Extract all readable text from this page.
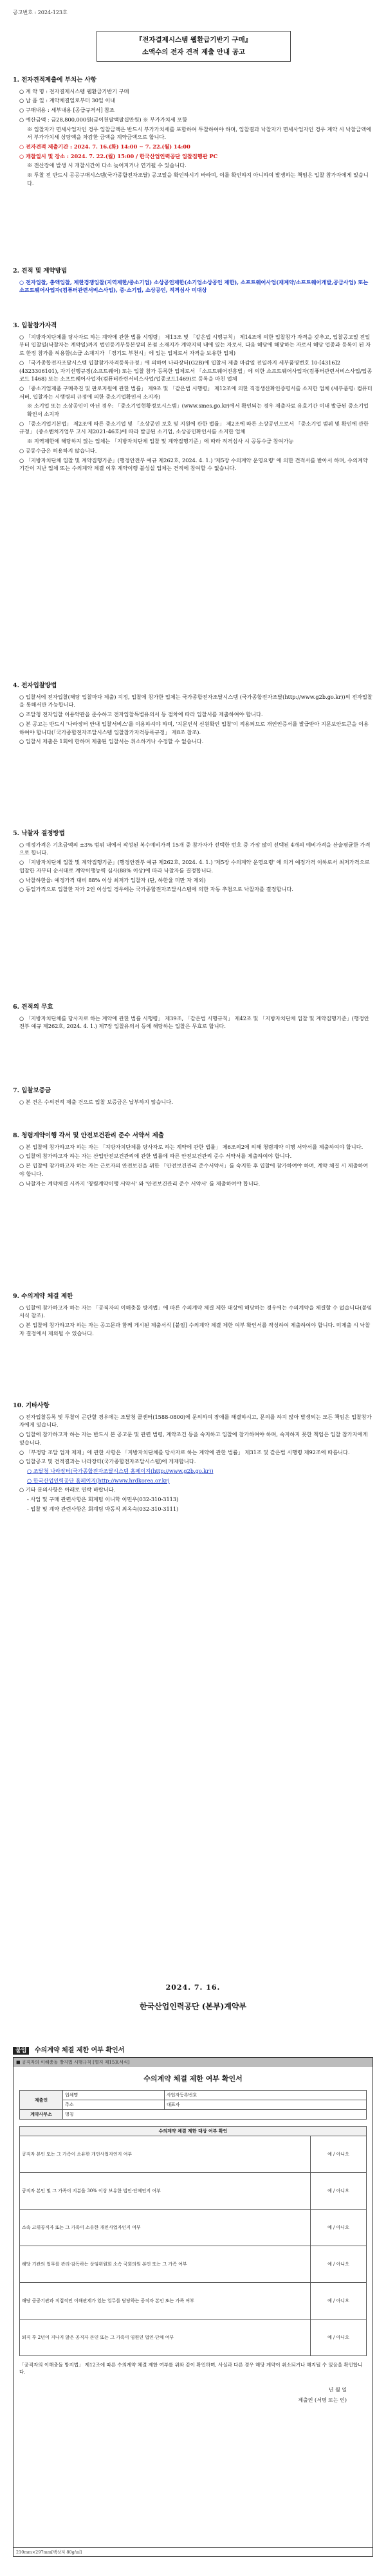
공고번호 : 2024-123호
『전자결제시스템 웹환급기반기 구매』
소액수의 전자 견적 제출 안내 공고
1. 전자견적제출에 부치는 사항

○ 계 약 명 : 전자결제시스템 웹환급기반기 구매

○ 납 품 일 : 계약체결일로부터 30일 이내

○ 구매내용 : 세부내용 [공급규격서] 참조

○ 예산금액 : 금28,800,000원(금이천팔백팔십만원) ※ 부가가치세 포함

※ 입찰자가 면세사업자인 경우 입찰금액은 반드시 부가가치세를 포함하여 투찰하여야 하며, 입찰결과 낙찰자가 면세사업자인 경우 계약 시 낙찰금액에서 부가가치세 상당액을 차감한 금액을 계약금액으로 합니다.

○ 전자견적 제출기간 : 2024. 7. 16.(화) 14:00 ~ 7. 22.(월) 14:00

○ 개찰일시 및 장소 : 2024. 7. 22.(월) 15:00 / 한국산업인력공단 입찰집행관 PC

※ 전산장애 발생 시 개찰시간이 다소 늦어지거나 연기될 수 있습니다.

※ 투찰 전 반드시 공공구매시스템(국가종합전자조달) 공고일을 확인하시기 바라며, 이를 확인하지 아니하여 발생하는 책임은 입찰 참가자에게 있습니다.

2. 견적 및 계약방법

○ 전자입찰, 총액입찰, 제한경쟁입찰(지역제한/중소기업) 소상공인제한(소기업소상공인 제한), 소프트웨어사업(재계약/소프트웨어개발,공급사업) 또는 소프트웨어사업자(컴퓨터관련서비스사업), 중·소기업, 소상공인, 적격심사 미대상

3. 입찰참가자격

○ 「지방자치단체를 당사자로 하는 계약에 관한 법률 시행령」 제13조 및 「같은법 시행규칙」 제14조에 의한 입찰참가 자격을 갖추고, 입찰공고일 전일부터 입찰일(낙찰자는 계약일)까지 법인등기부등본상의 본점 소재지가 계약지역 내에 있는 자로서, 다음 해당에 해당하는 자로서 해당 업종과 등록이 된 자로 한정 참가를 허용함(소급 소재지가 「경기도 부천시」에 있는 업체로서 자격을 보유한 업체)

○ 「국가종합전자조달시스템 입찰참가자격등록규정」에 의하여 나라장터(G2B)에 입찰서 제출 마감일 전일까지 세부품명번호 10-[4316]2 (4323306101), 자기선행규정(소프트웨어) 또는 입찰 참가 등록한 업체로서 「소프트웨어진흥법」에 의한 소프트웨어사업자(컴퓨터관련서비스사업/업종코드 1468) 또는 소프트웨어사업자(컴퓨터관련서비스사업/업종코드1469)로 등록을 마친 업체

○ 「중소기업제품 구매촉진 및 판로지원에 관한 법률」 제9조 및 「같은법 시행령」 제12조에 의한 직접생산확인증명서를 소지한 업체 (세부품명: 컴퓨터서버, 입찰자는 시행령의 규정에 의한 중소기업확인서 소지자)

※ 소기업 또는 소상공인이 아닌 경우: 「중소기업현황정보시스템」(www.smes.go.kr)에서 확인되는 경우 제출자료 유효기간 이내 발급된 중소기업확인서 소지자

○ 「중소기업기본법」 제2조에 따른 중소기업 및 「소상공인 보호 및 지원에 관한 법률」 제2조에 따른 소상공인으로서 「중소기업 범위 및 확인에 관한 규정」 (중소벤처기업부 고시 제2021-46호)에 따라 발급된 소기업, 소상공인확인서를 소지한 업체

※ 지역제한에 해당하지 않는 업체는 「지방자치단체 입찰 및 계약집행기준」에 따라 적격심사 시 공동수급 참여가능

○ 공동수급은 허용하지 않습니다.

○ 「지방자치단체 입찰 및 계약집행기준」(행정안전부 예규 제262호, 2024. 4. 1.) '제5장 수의계약 운영요령' 에 의한 견적서를 받아서 하며, 수의계약 기간이 지난 업체 또는 수의계약 체결 이후 계약이행 불성실 업체는 견적에 참여할 수 없습니다.

4. 전자입찰방법

○ 입찰서에 전자입찰(해당 입찰마다 제출) 지정, 입찰에 참가한 업체는 국가종합전자조달시스템 (국가종합전자조달(http://www.g2b.go.kr))의 전자입찰을 통해서만 가능합니다.

○ 조달청 전자입찰 이용약관을 준수하고 전자입찰특별유의서 등 절차에 따라 입찰서를 제출하여야 합니다.

○ 본 공고는 반드시 '나라장터 안내 입찰서비스'를 이용하셔야 하며, '지문인식 신원확인 입찰'이 적용되므로 개인인증서를 발급받아 지문보안토큰을 이용하여야 합니다(「국가종합전자조달시스템 입찰참가자격등록규정」 제8조 참조).

○ 입찰서 제출은 1회에 한하며 제출된 입찰서는 취소하거나 수정할 수 없습니다.

5. 낙찰자 결정방법

○ 예정가격은 기초금액의 ±3% 범위 내에서 작성된 복수예비가격 15개 중 참가자가 선택한 번호 중 가장 많이 선택된 4개의 예비가격을 산술평균한 가격으로 합니다.

○ 「지방자치단체 입찰 및 계약집행기준」(행정안전부 예규 제262호, 2024. 4. 1.) '제5장 수의계약 운영요령' 에 의거 예정가격 이하로서 최저가격으로 입찰한 자부터 순서대로 계약이행능력 심사(88% 이상)에 따라 낙찰자를 결정합니다.

○ 낙찰하한율: 예정가격 대비 88% 이상 최저가 입찰자 (단, 하한율 미만 자 제외)

○ 동일가격으로 입찰한 자가 2인 이상일 경우에는 국가종합전자조달시스템에 의한 자동 추첨으로 낙찰자를 결정합니다.

6. 견적의 무효

○ 「지방자치단체를 당사자로 하는 계약에 관한 법률 시행령」 제39조, 「같은법 시행규칙」 제42조 및 「지방자치단체 입찰 및 계약집행기준」(행정안전부 예규 제262호, 2024. 4. 1.) 제7장 입찰유의서 등에 해당하는 입찰은 무효로 합니다.

7. 입찰보증금

○ 본 건은 수의견적 제출 건으로 입찰 보증금은 납부하지 않습니다.

8. 청렴계약이행 각서 및 안전보건관리 준수 서약서 제출

○ 본 입찰에 참가하고자 하는 자는 「지방자치단체를 당사자로 하는 계약에 관한 법률」 제6조의2에 의해 청렴계약 이행 서약서를 제출하여야 합니다.

○ 입찰에 참가하고자 하는 자는 산업안전보건관리에 관한 법률에 따른 안전보건관리 준수 서약서를 제출하여야 합니다.

○ 본 입찰에 참가하고자 하는 자는 근로자의 안전보건을 위한 「안전보건관리 준수서약서」를 숙지한 후 입찰에 참가하여야 하며, 계약 체결 시 제출하여야 합니다.

○ 낙찰자는 계약체결 시까지 '청렴계약이행 서약서' 와 '안전보건관리 준수 서약서' 를 제출하여야 합니다.

9. 수의계약 체결 제한

○ 입찰에 참가하고자 하는 자는 「공직자의 이해충돌 방지법」에 따른 수의계약 체결 제한 대상에 해당하는 경우에는 수의계약을 체결할 수 없습니다(붙임 서식 참조).

○ 본 입찰에 참가하고자 하는 자는 공고문과 함께 게시된 제출서식 [붙임] 수의계약 체결 제한 여부 확인서를 작성하여 제출하여야 합니다. 미제출 시 낙찰자 결정에서 제외될 수 있습니다.

10. 기타사항

○ 전자입찰등록 및 투찰이 곤란할 경우에는 조달청 콜센터(1588-0800)에 문의하여 장애를 해결하시고, 문의를 하지 않아 발생되는 모든 책임은 입찰참가자에게 있습니다.

○ 입찰에 참가하고자 하는 자는 반드시 본 공고문 및 관련 법령, 계약조건 등을 숙지하고 입찰에 참가하여야 하며, 숙지하지 못한 책임은 입찰 참가자에게 있습니다.

○ 「부정당 조달 업자 제재」에 관한 사항은 「지방자치단체를 당사자로 하는 계약에 관한 법률」 제31조 및 같은법 시행령 제92조에 따릅니다.

○ 입찰공고 및 견적결과는 나라장터(국가종합전자조달시스템)에 게재합니다.

○ 조달청 나라장터(국가종합전자조달시스템 홈페이지(http://www.g2b.go.kr))

○ 한국산업인력공단 홈페이지(http://www.hrdkorea.or.kr)

○ 기타 문의사항은 아래로 연락 바랍니다.

- 사업 및 구매 관련사항은 회계팀 이니학 이민우(032-310-3113)

- 입찰 및 계약 관련사항은 회계팀 박동식 최옥숙(032-310-3111)

2024. 7. 16.
한국산업인력공단 (본부)계약부
붙임 수의계약 체결 제한 여부 확인서
■ 공직자의 이해충돌 방지법 시행규칙 [별지 제15호서식]
수의계약 체결 제한 여부 확인서
제출인	업체명	사업자등록번호
	주소	대표자
계약사무소	명칭	
수의계약 체결 제한 대상 여부 확인	
공직자 본인 또는 그 가족이 소유한 개인사업자인지 여부	예 / 아니오
공직자 본인 및 그 가족이 지분을 30% 이상 보유한 법인·단체인지 여부	예 / 아니오
소속 고위공직자 또는 그 가족이 소유한 개인사업자인지 여부	예 / 아니오
해당 기관의 업무를 관리·감독하는 상임위원회 소속 국회의원 본인 또는 그 가족 여부	예 / 아니오
해당 공공기관과 직접적인 이해관계가 있는 업무를 담당하는 공직자 본인 또는 가족 여부	예 / 아니오
퇴직 후 2년이 지나지 않은 공직자 본인 또는 그 가족이 임원인 법인·단체 여부	예 / 아니오
「공직자의 이해충돌 방지법」 제12조에 따른 수의계약 체결 제한 여부를 위와 같이 확인하며, 사실과 다른 경우 해당 계약이 취소되거나 해지될 수 있음을 확인합니다.
년 월 일
제출인 (서명 또는 인)
210mm×297mm[백상지 80g/㎡]
